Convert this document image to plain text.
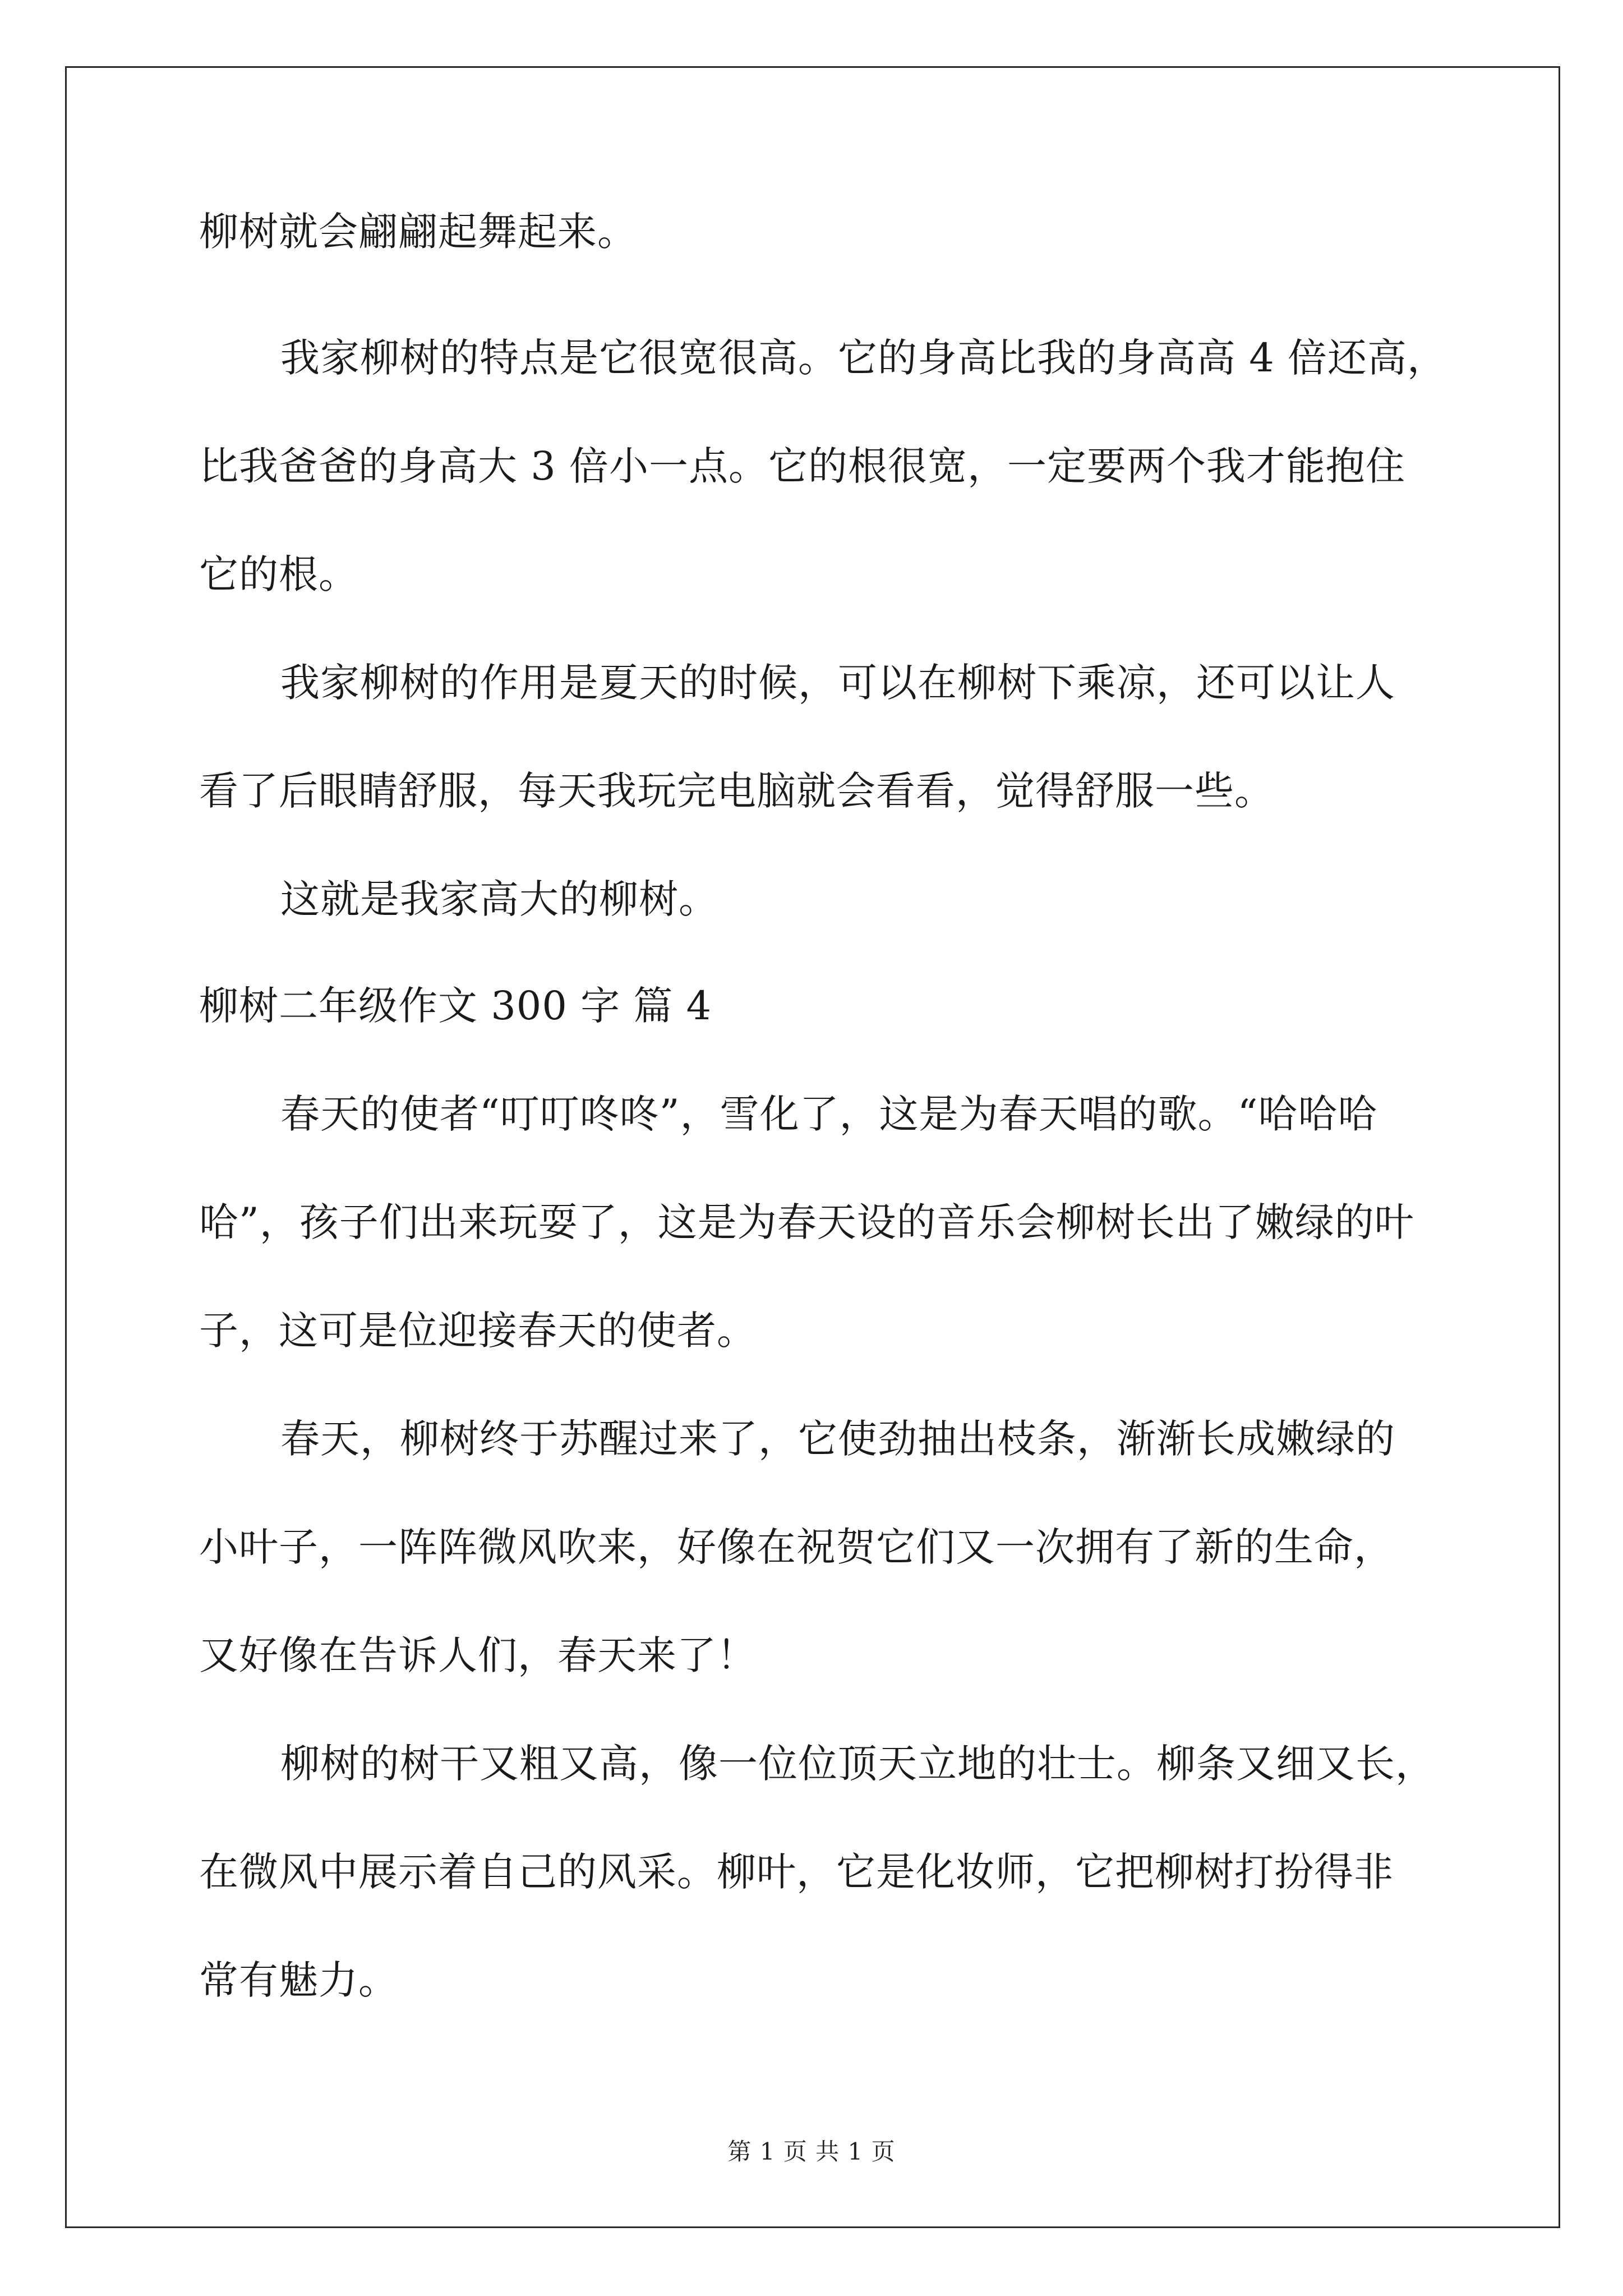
柳树就会翩翩起舞起来。
我家柳树的特点是它很宽很高。它的身高比我的身高高 4 倍还高，
比我爸爸的身高大 3 倍小一点。它的根很宽，一定要两个我才能抱住
它的根。
我家柳树的作用是夏天的时候，可以在柳树下乘凉，还可以让人
看了后眼睛舒服，每天我玩完电脑就会看看，觉得舒服一些。
这就是我家高大的柳树。
柳树二年级作文 300 字 篇 4
春天的使者“叮叮咚咚”，雪化了，这是为春天唱的歌。“哈哈哈
哈”，孩子们出来玩耍了，这是为春天设的音乐会柳树长出了嫩绿的叶
子，这可是位迎接春天的使者。
春天，柳树终于苏醒过来了，它使劲抽出枝条，渐渐长成嫩绿的
小叶子，一阵阵微风吹来，好像在祝贺它们又一次拥有了新的生命，
又好像在告诉人们，春天来了！
柳树的树干又粗又高，像一位位顶天立地的壮士。柳条又细又长，
在微风中展示着自己的风采。柳叶，它是化妆师，它把柳树打扮得非
常有魅力。
第 1 页 共 1 页
